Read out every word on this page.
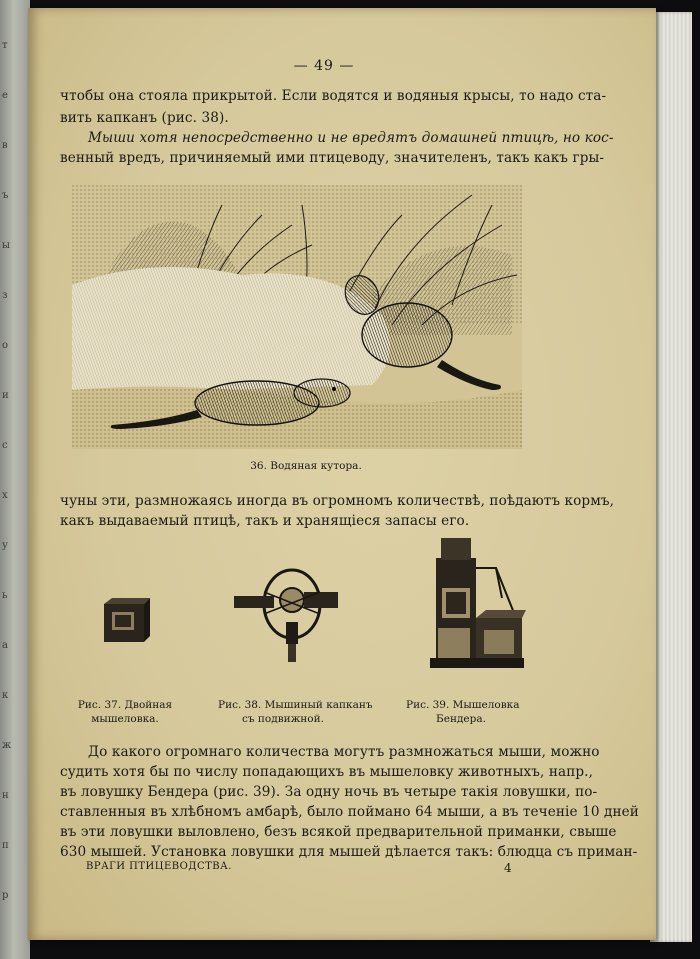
т
е
в
ъ
ы
з
о
и
с
х
у
ь
а
к
ж
н
п
р
— 49 —
чтобы она стояла прикрытой. Если водятся и водяныя крысы, то надо ста-
вить капканъ (рис. 38).
Мыши хотя непосредственно и не вредятъ домашней птицѣ, но кос-
венный вредъ, причиняемый ими птицеводу, значителенъ, такъ какъ гры-
36. Водяная кутора.
чуны эти, размножаясь иногда въ огромномъ количествѣ, поѣдаютъ кормъ,
какъ выдаваемый птицѣ, такъ и хранящіеся запасы его.
Рис. 37. Двойная
мышеловка.
Рис. 38. Мышиный капканъ
съ подвижной.
Рис. 39. Мышеловка
Бендера.
До какого огромнаго количества могутъ размножаться мыши, можно
судить хотя бы по числу попадающихъ въ мышеловку животныхъ, напр.,
въ ловушку Бендера (рис. 39). За одну ночь въ четыре такія ловушки, по-
ставленныя въ хлѣбномъ амбарѣ, было поймано 64 мыши, а въ теченіе 10 дней
въ эти ловушки выловлено, безъ всякой предварительной приманки, свыше
630 мышей. Установка ловушки для мышей дѣлается такъ: блюдца съ приман-
ВРАГИ ПТИЦЕВОДСТВА.	4
